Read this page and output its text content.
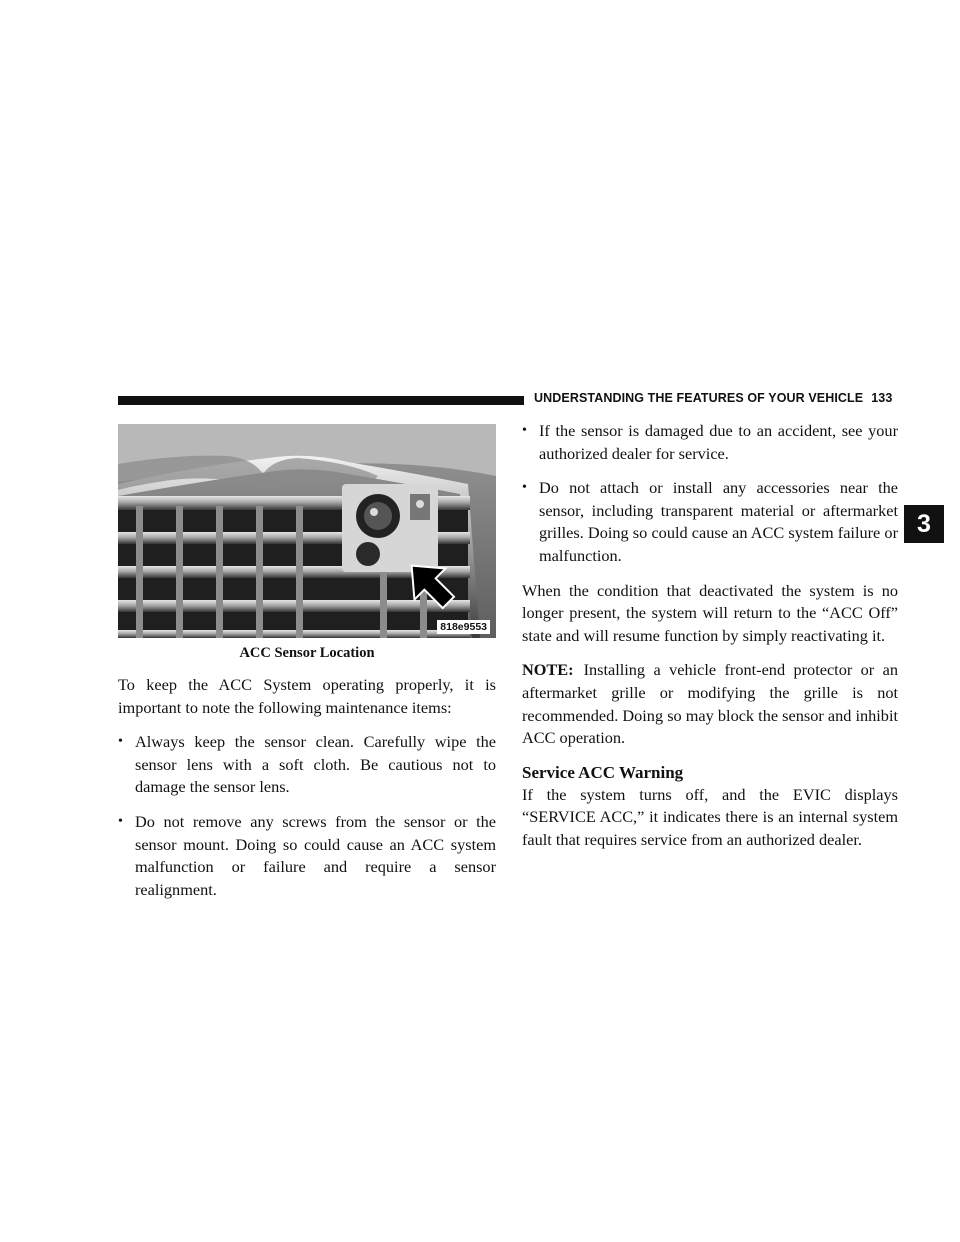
UNDERSTANDING THE FEATURES OF YOUR VEHICLE 133
3
818e9553
ACC Sensor Location

To keep the ACC System operating properly, it is important to note the following maintenance items:

• Always keep the sensor clean. Carefully wipe the sensor lens with a soft cloth. Be cautious not to damage the sensor lens.
• Do not remove any screws from the sensor or the sensor mount. Doing so could cause an ACC system malfunction or failure and require a sensor realignment.
• If the sensor is damaged due to an accident, see your authorized dealer for service.
• Do not attach or install any accessories near the sensor, including transparent material or aftermarket grilles. Doing so could cause an ACC system failure or malfunction.

When the condition that deactivated the system is no longer present, the system will return to the “ACC Off” state and will resume function by simply reactivating it.

NOTE: Installing a vehicle front-end protector or an aftermarket grille or modifying the grille is not recommended. Doing so may block the sensor and inhibit ACC operation.

Service ACC Warning

If the system turns off, and the EVIC displays “SERVICE ACC,” it indicates there is an internal system fault that requires service from an authorized dealer.
